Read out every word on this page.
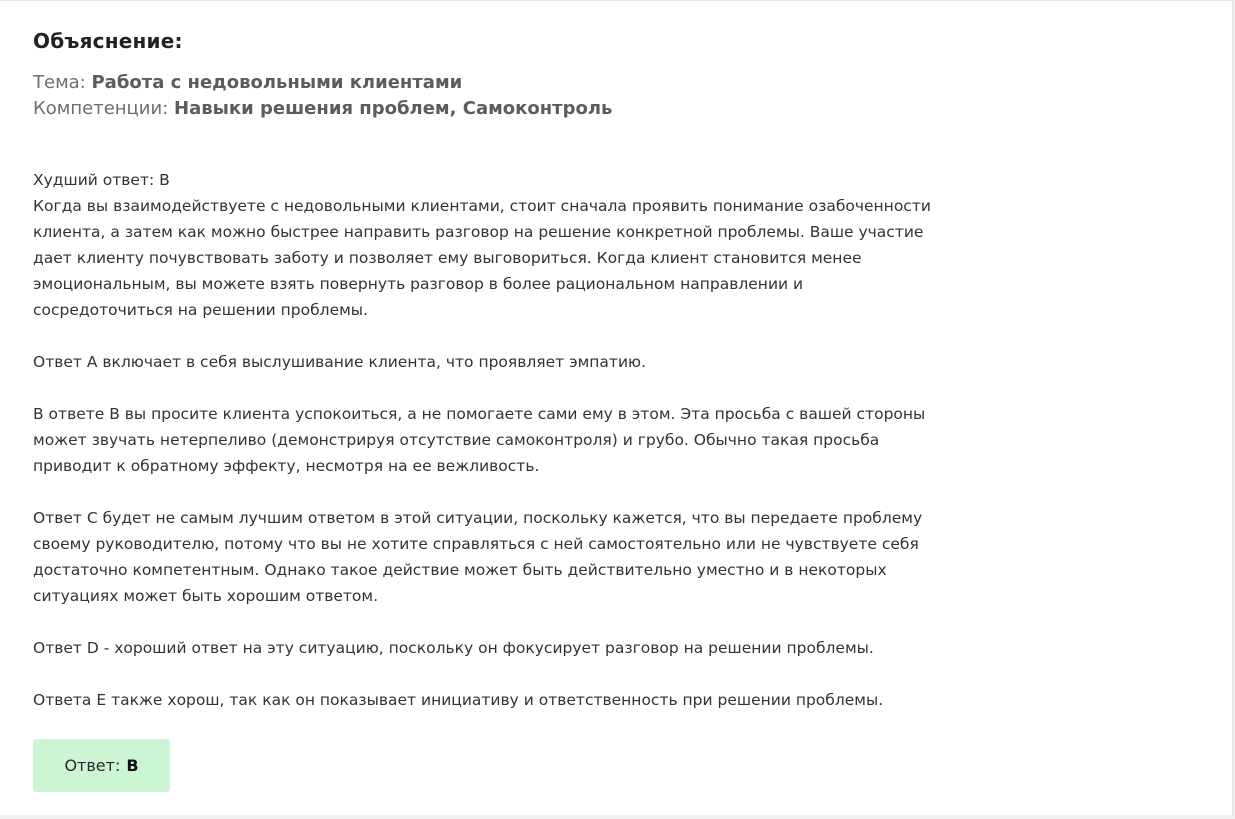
Объяснение:
Тема: Работа с недовольными клиентами
Компетенции: Навыки решения проблем, Самоконтроль

Худший ответ: B
Когда вы взаимодействуете с недовольными клиентами, стоит сначала проявить понимание озабоченности клиента, а затем как можно быстрее направить разговор на решение конкретной проблемы. Ваше участие дает клиенту почувствовать заботу и позволяет ему выговориться. Когда клиент становится менее эмоциональным, вы можете взять повернуть разговор в более рациональном направлении и сосредоточиться на решении проблемы.

Ответ A включает в себя выслушивание клиента, что проявляет эмпатию.

В ответе B вы просите клиента успокоиться, а не помогаете сами ему в этом. Эта просьба с вашей стороны может звучать нетерпеливо (демонстрируя отсутствие самоконтроля) и грубо. Обычно такая просьба приводит к обратному эффекту, несмотря на ее вежливость.

Ответ C будет не самым лучшим ответом в этой ситуации, поскольку кажется, что вы передаете проблему своему руководителю, потому что вы не хотите справляться с ней самостоятельно или не чувствуете себя достаточно компетентным. Однако такое действие может быть действительно уместно и в некоторых ситуациях может быть хорошим ответом.

Ответ D - хороший ответ на эту ситуацию, поскольку он фокусирует разговор на решении проблемы.

Ответа E также хорош, так как он показывает инициативу и ответственность при решении проблемы.

Ответ: B
